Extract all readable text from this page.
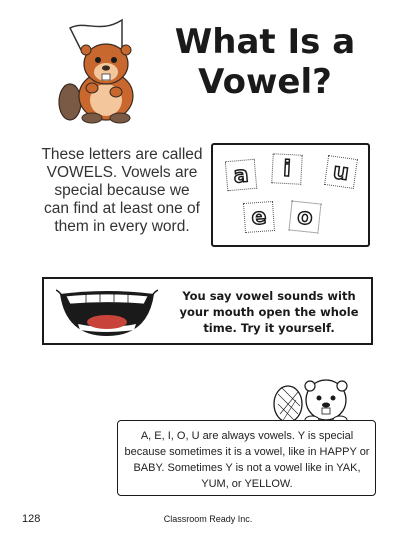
What Is a
Vowel?
These letters are called VOWELS. Vowels are special because we can find at least one of them in every word.
a	i	u
e	o
You say vowel sounds with your mouth open the whole time. Try it yourself.
A, E, I, O, U are always vowels. Y is special because sometimes it is a vowel, like in HAPPY or BABY. Sometimes Y is not a vowel like in YAK, YUM, or YELLOW.
Classroom Ready Inc.
128
